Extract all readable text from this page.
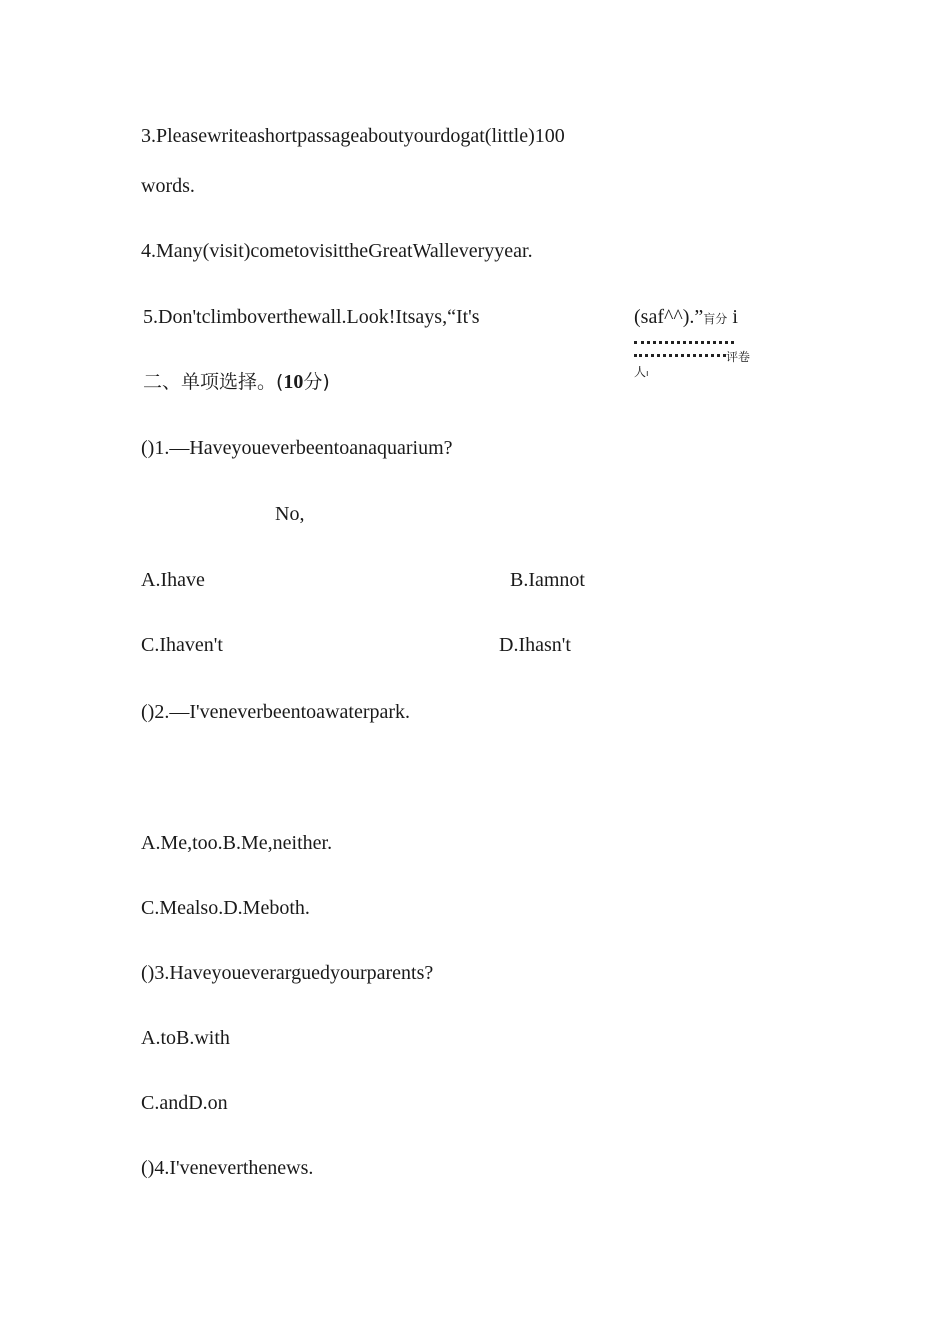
3.Pleasewriteashortpassageaboutyourdogat(little)100
words.
4.Many(visit)cometovisittheGreatWalleveryyear.
5.Don'tclimboverthewall.Look!Itsays,“It's	(saf^^).”肓分 i
评卷
人ı
二、单项选择。(10分)
()1.—Haveyoueverbeentoanaquarium?
No,
A.Ihave	B.Iamnot
C.Ihaven't	D.Ihasn't
()2.—I'veneverbeentoawaterpark.
A.Me,too.B.Me,neither.
C.Mealso.D.Meboth.
()3.Haveyoueverarguedyourparents?
A.toB.with
C.andD.on
()4.I'veneverthenews.
